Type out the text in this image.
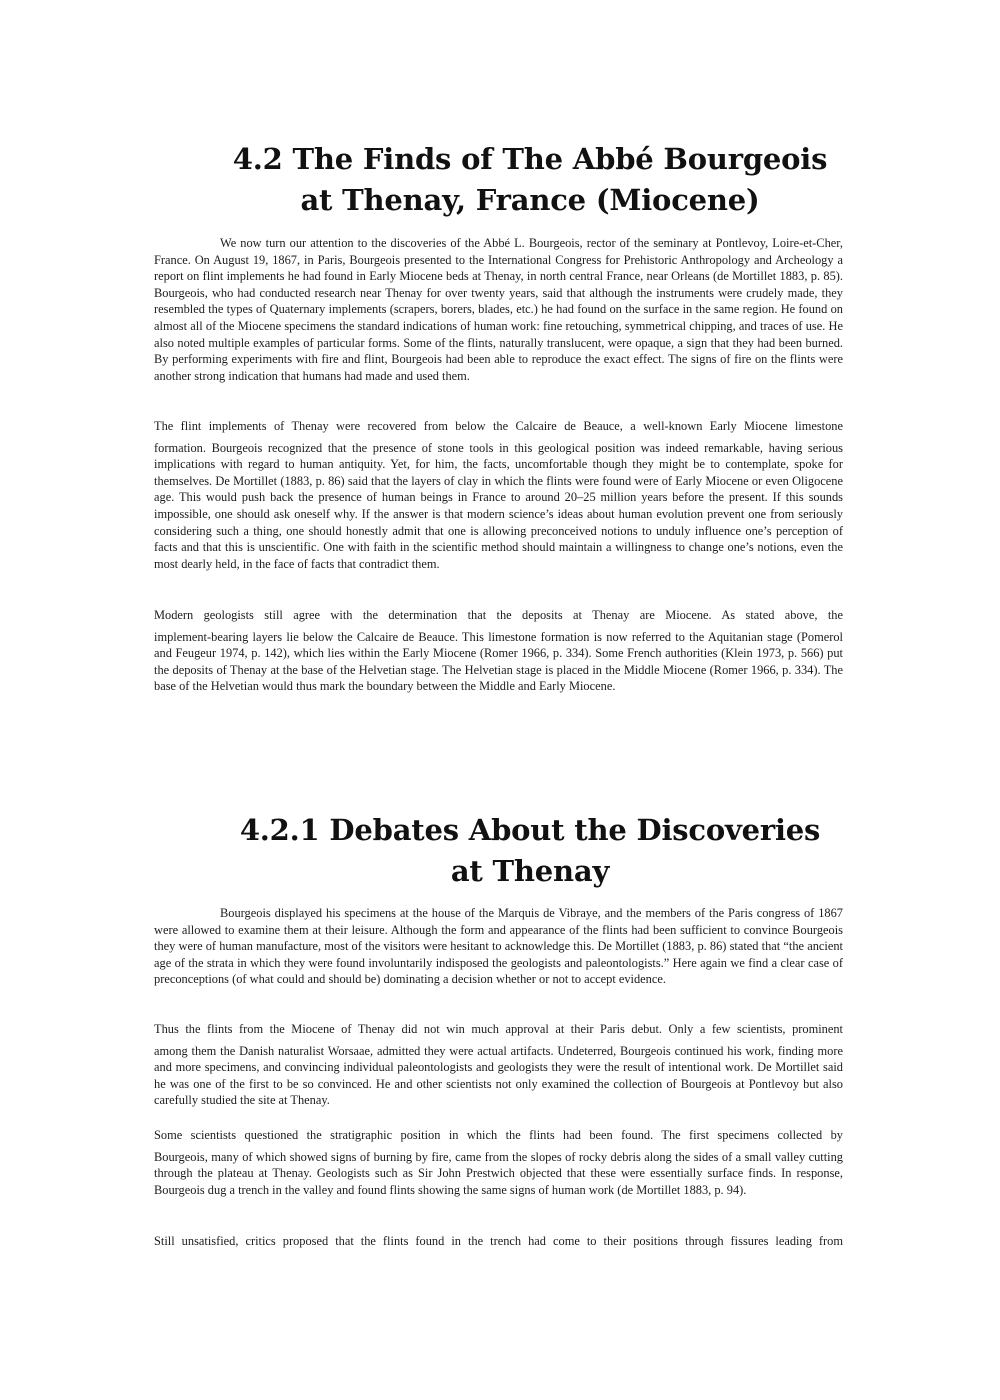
4.2 The Finds of The Abbé Bourgeois at Thenay, France (Miocene)

We now turn our attention to the discoveries of the Abbé L. Bourgeois, rector of the seminary at Pontlevoy, Loire-et-Cher, France. On August 19, 1867, in Paris, Bourgeois presented to the International Congress for Prehistoric Anthropology and Archeology a report on flint implements he had found in Early Miocene beds at Thenay, in north central France, near Orleans (de Mortillet 1883, p. 85). Bourgeois, who had conducted research near Thenay for over twenty years, said that although the instruments were crudely made, they resembled the types of Quaternary implements (scrapers, borers, blades, etc.) he had found on the surface in the same region. He found on almost all of the Miocene specimens the standard indications of human work: fine retouching, symmetrical chipping, and traces of use. He also noted multiple examples of particular forms. Some of the flints, naturally translucent, were opaque, a sign that they had been burned. By performing experiments with fire and flint, Bourgeois had been able to reproduce the exact effect. The signs of fire on the flints were another strong indication that humans had made and used them.

The flint implements of Thenay were recovered from below the Calcaire de Beauce, a well-known Early Miocene limestone
formation. Bourgeois recognized that the presence of stone tools in this geological position was indeed remarkable, having serious implications with regard to human antiquity. Yet, for him, the facts, uncomfortable though they might be to contemplate, spoke for themselves. De Mortillet (1883, p. 86) said that the layers of clay in which the flints were found were of Early Miocene or even Oligocene age. This would push back the presence of human beings in France to around 20–25 million years before the present. If this sounds impossible, one should ask oneself why. If the answer is that modern science’s ideas about human evolution prevent one from seriously considering such a thing, one should honestly admit that one is allowing preconceived notions to unduly influence one’s perception of facts and that this is unscientific. One with faith in the scientific method should maintain a willingness to change one’s notions, even the most dearly held, in the face of facts that contradict them.

Modern geologists still agree with the determination that the deposits at Thenay are Miocene. As stated above, the
implement-bearing layers lie below the Calcaire de Beauce. This limestone formation is now referred to the Aquitanian stage (Pomerol and Feugeur 1974, p. 142), which lies within the Early Miocene (Romer 1966, p. 334). Some French authorities (Klein 1973, p. 566) put the deposits of Thenay at the base of the Helvetian stage. The Helvetian stage is placed in the Middle Miocene (Romer 1966, p. 334). The base of the Helvetian would thus mark the boundary between the Middle and Early Miocene.

4.2.1 Debates About the Discoveries at Thenay

Bourgeois displayed his specimens at the house of the Marquis de Vibraye, and the members of the Paris congress of 1867 were allowed to examine them at their leisure. Although the form and appearance of the flints had been sufficient to convince Bourgeois they were of human manufacture, most of the visitors were hesitant to acknowledge this. De Mortillet (1883, p. 86) stated that “the ancient age of the strata in which they were found involuntarily indisposed the geologists and paleontologists.” Here again we find a clear case of preconceptions (of what could and should be) dominating a decision whether or not to accept evidence.

Thus the flints from the Miocene of Thenay did not win much approval at their Paris debut. Only a few scientists, prominent
among them the Danish naturalist Worsaae, admitted they were actual artifacts. Undeterred, Bourgeois continued his work, finding more and more specimens, and convincing individual paleontologists and geologists they were the result of intentional work. De Mortillet said he was one of the first to be so convinced. He and other scientists not only examined the collection of Bourgeois at Pontlevoy but also carefully studied the site at Thenay.

Some scientists questioned the stratigraphic position in which the flints had been found. The first specimens collected by
Bourgeois, many of which showed signs of burning by fire, came from the slopes of rocky debris along the sides of a small valley cutting through the plateau at Thenay. Geologists such as Sir John Prestwich objected that these were essentially surface finds. In response, Bourgeois dug a trench in the valley and found flints showing the same signs of human work (de Mortillet 1883, p. 94).

Still unsatisfied, critics proposed that the flints found in the trench had come to their positions through fissures leading from
